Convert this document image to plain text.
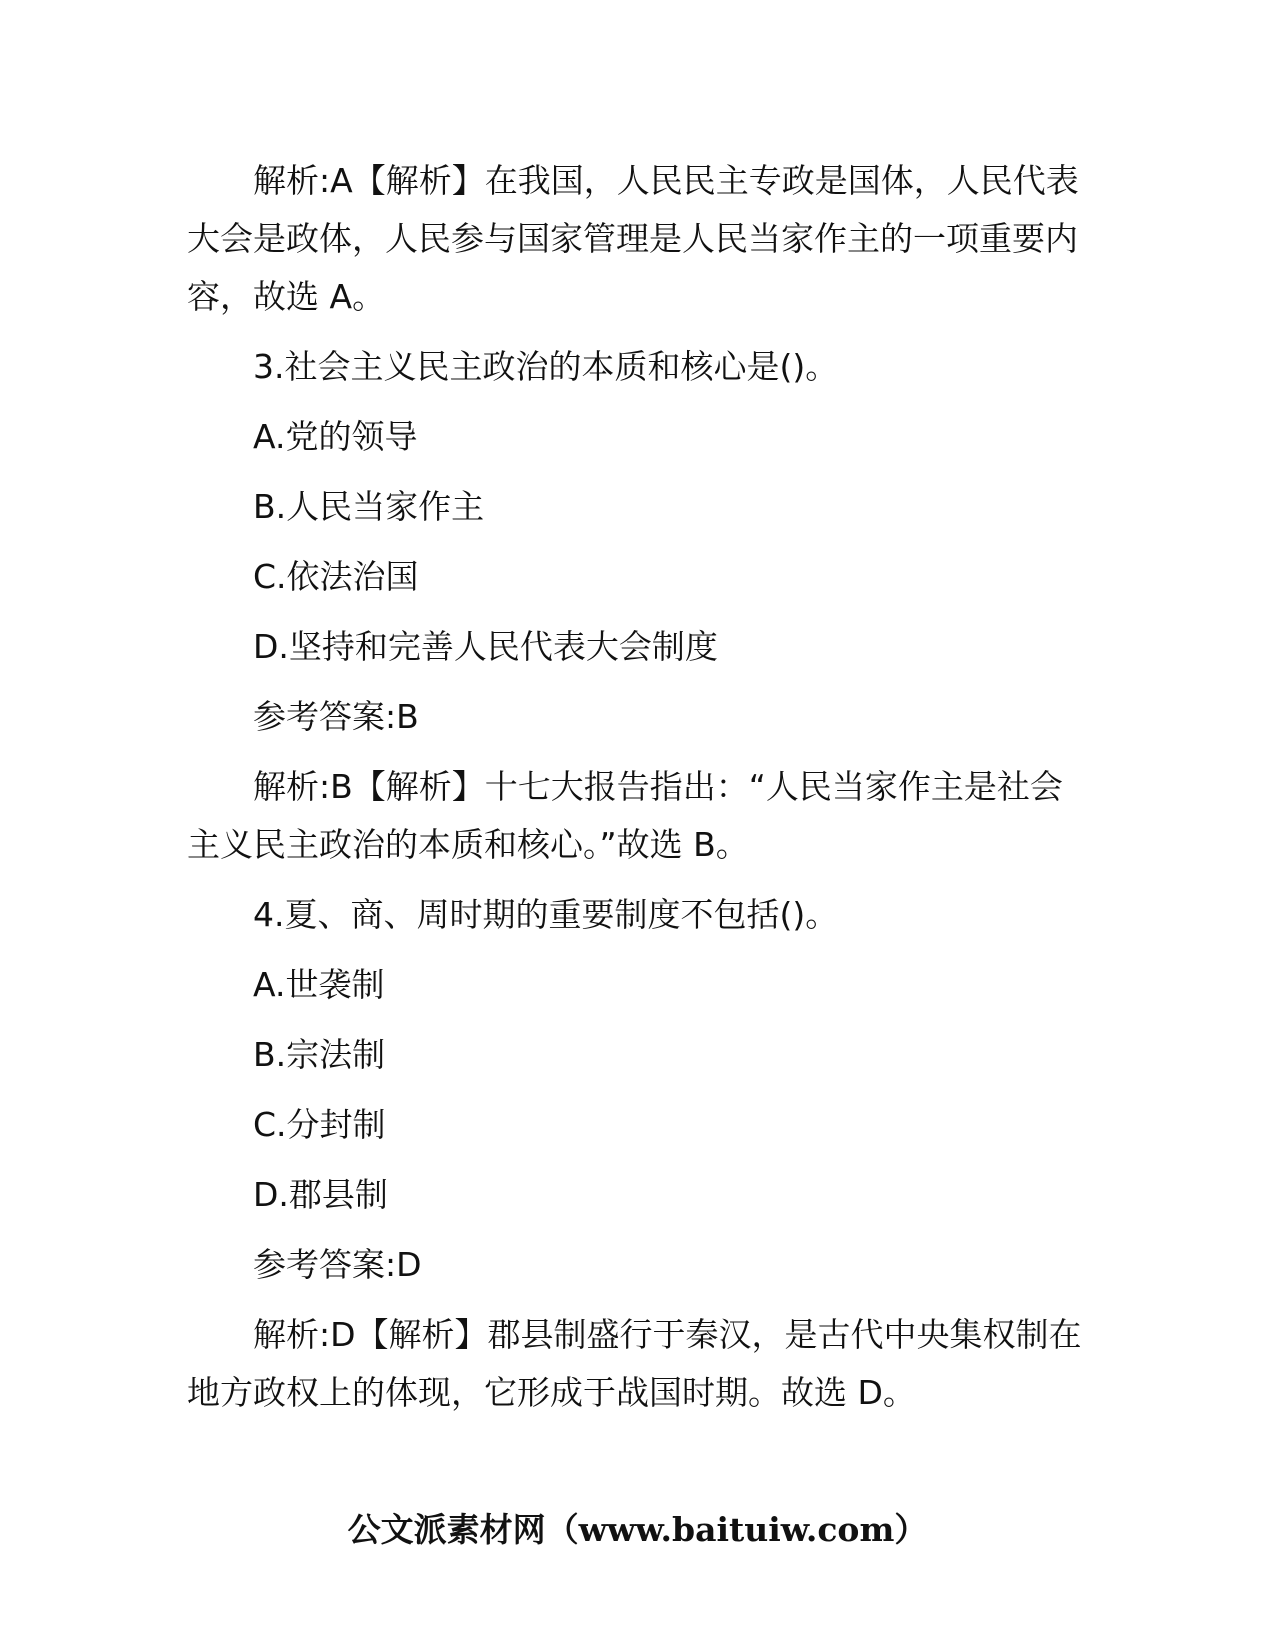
解析:A【解析】在我国，人民民主专政是国体，人民代表大会是政体，人民参与国家管理是人民当家作主的一项重要内容，故选 A。

3.社会主义民主政治的本质和核心是()。

A.党的领导

B.人民当家作主

C.依法治国

D.坚持和完善人民代表大会制度

参考答案:B

解析:B【解析】十七大报告指出：“人民当家作主是社会主义民主政治的本质和核心。”故选 B。

4.夏、商、周时期的重要制度不包括()。

A.世袭制

B.宗法制

C.分封制

D.郡县制

参考答案:D

解析:D【解析】郡县制盛行于秦汉，是古代中央集权制在地方政权上的体现，它形成于战国时期。故选 D。

公文派素材网（www.baituiw.com）
